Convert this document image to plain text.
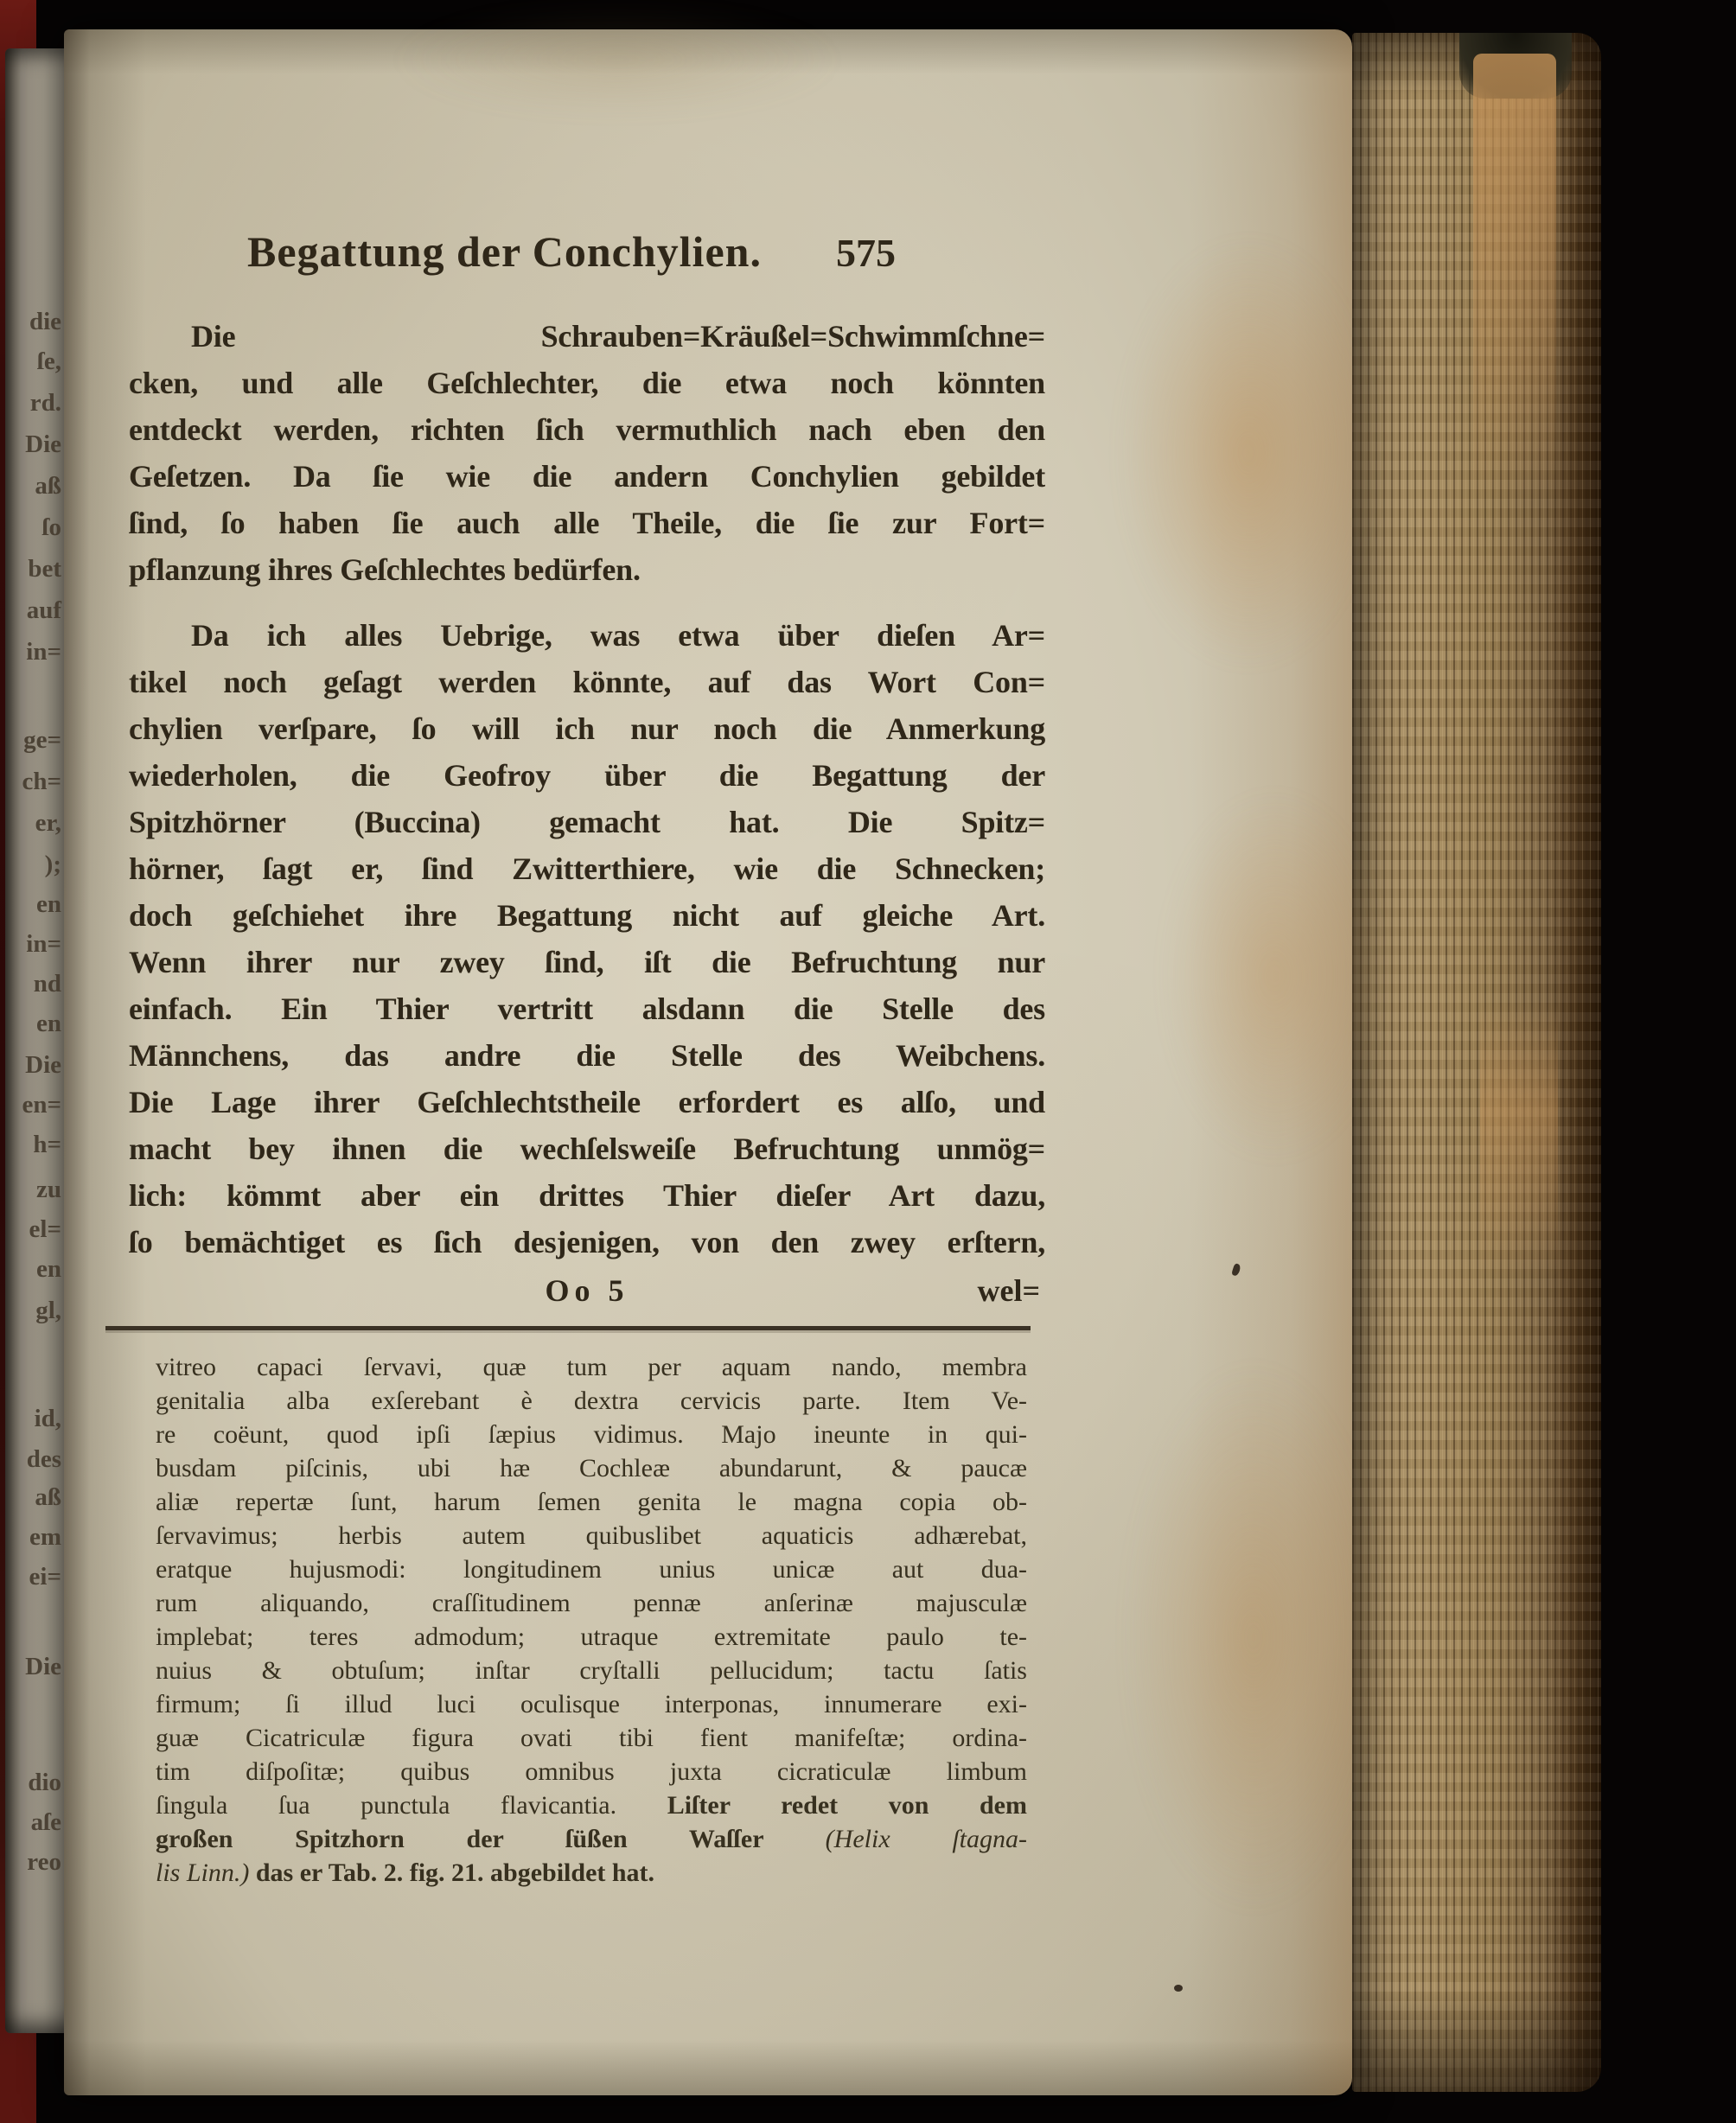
die
ſe,
rd.
Die
aß
ſo
bet
auf
in=
ge=
ch=
er,
);
en
in=
nd
en
Die
en=
h=
zu
el=
en
gl,
id,
des
aß
em
ei=
Die
dio
aſe
reo
Begattung der Conchylien. 575
Die Schrauben=Kräußel=Schwimmſchne=
cken, und alle Geſchlechter, die etwa noch könnten
entdeckt werden, richten ſich vermuthlich nach eben den
Geſetzen. Da ſie wie die andern Conchylien gebildet
ſind, ſo haben ſie auch alle Theile, die ſie zur Fort=
pflanzung ihres Geſchlechtes bedürfen.
Da ich alles Uebrige, was etwa über dieſen Ar=
tikel noch geſagt werden könnte, auf das Wort Con=
chylien verſpare, ſo will ich nur noch die Anmerkung
wiederholen, die Geofroy über die Begattung der
Spitzhörner (Buccina) gemacht hat. Die Spitz=
hörner, ſagt er, ſind Zwitterthiere, wie die Schnecken;
doch geſchiehet ihre Begattung nicht auf gleiche Art.
Wenn ihrer nur zwey ſind, iſt die Befruchtung nur
einfach. Ein Thier vertritt alsdann die Stelle des
Männchens, das andre die Stelle des Weibchens.
Die Lage ihrer Geſchlechtstheile erfordert es alſo, und
macht bey ihnen die wechſelsweiſe Befruchtung unmög=
lich: kömmt aber ein drittes Thier dieſer Art dazu,
ſo bemächtiget es ſich desjenigen, von den zwey erſtern,
Oo 5	wel=
vitreo capaci ſervavi, quæ tum per aquam nando, membra
genitalia alba exſerebant è dextra cervicis parte. Item Ve-
re coëunt, quod ipſi ſæpius vidimus. Majo ineunte in qui-
busdam piſcinis, ubi hæ Cochleæ abundarunt, & paucæ
aliæ repertæ ſunt, harum ſemen genita le magna copia ob-
ſervavimus; herbis autem quibuslibet aquaticis adhærebat,
eratque hujusmodi: longitudinem unius unicæ aut dua-
rum aliquando, craſſitudinem pennæ anſerinæ majusculæ
implebat; teres admodum; utraque extremitate paulo te-
nuius & obtuſum; inſtar cryſtalli pellucidum; tactu ſatis
firmum; ſi illud luci oculisque interponas, innumerare exi-
guæ Cicatriculæ figura ovati tibi fient manifeſtæ; ordina-
tim diſpoſitæ; quibus omnibus juxta cicraticulæ limbum
ſingula ſua punctula flavicantia. Liſter redet von dem
großen Spitzhorn der ſüßen Waſſer (Helix ſtagna-
lis Linn.) das er Tab. 2. fig. 21. abgebildet hat.
